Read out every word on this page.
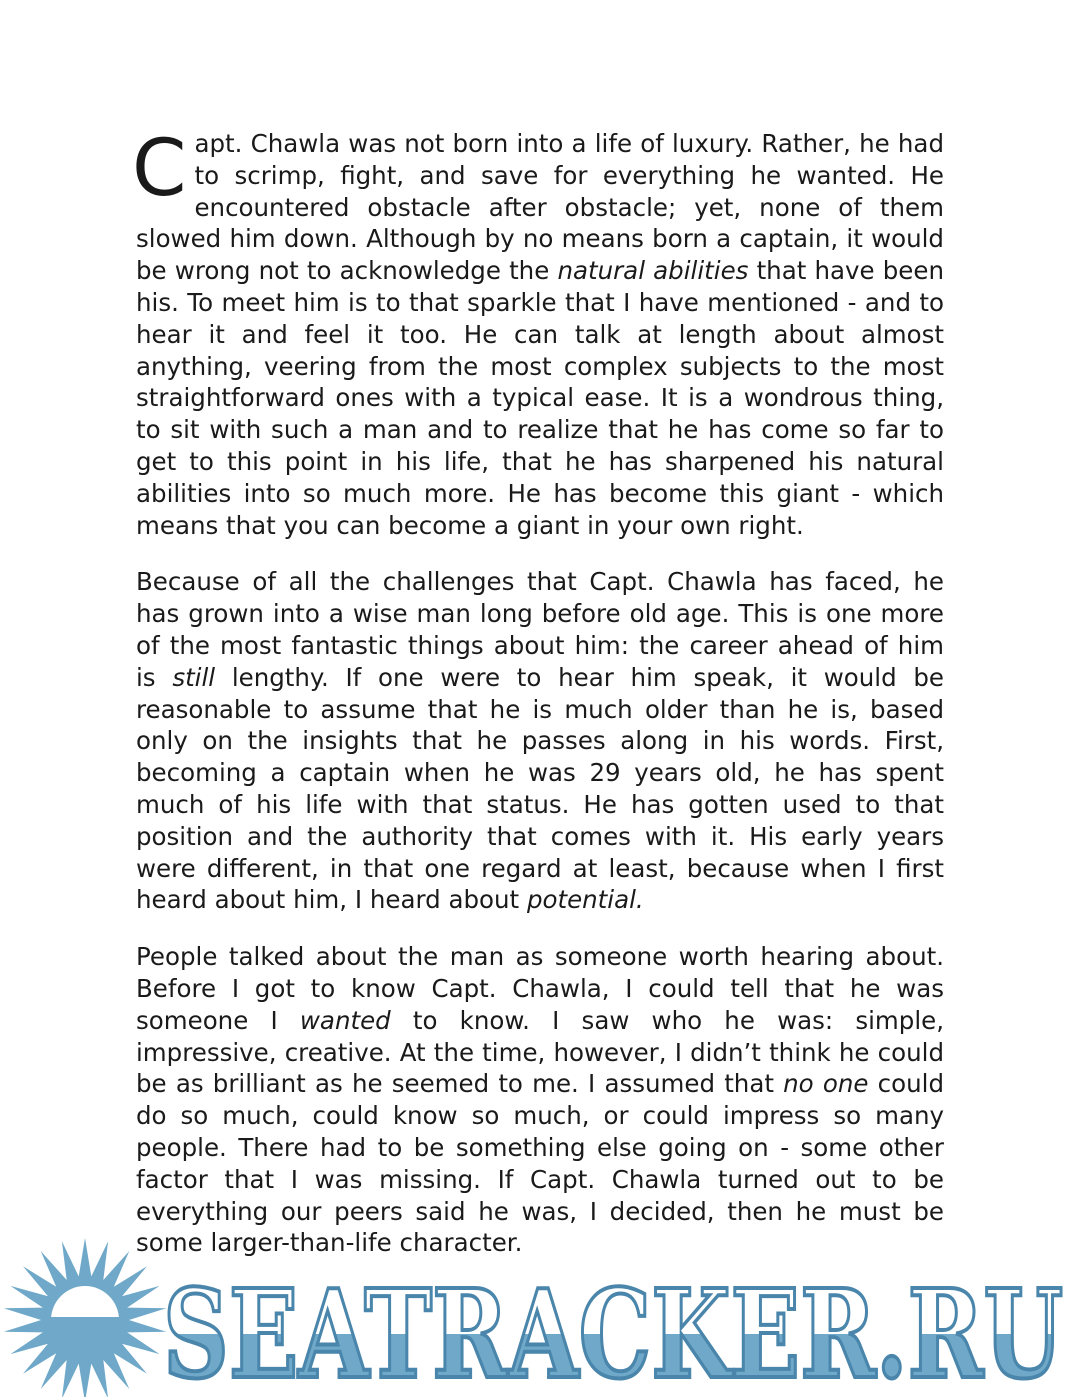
Capt. Chawla was not born into a life of luxury. Rather, he had to scrimp, fight, and save for everything he wanted. He encountered obstacle after obstacle; yet, none of them slowed him down. Although by no means born a captain, it would be wrong not to acknowledge the natural abilities that have been his. To meet him is to that sparkle that I have mentioned - and to hear it and feel it too. He can talk at length about almost anything, veering from the most complex subjects to the most straightforward ones with a typical ease. It is a wondrous thing, to sit with such a man and to realize that he has come so far to get to this point in his life, that he has sharpened his natural abilities into so much more. He has become this giant - which means that you can become a giant in your own right.

Because of all the challenges that Capt. Chawla has faced, he has grown into a wise man long before old age. This is one more of the most fantastic things about him: the career ahead of him is still lengthy. If one were to hear him speak, it would be reasonable to assume that he is much older than he is, based only on the insights that he passes along in his words. First, becoming a captain when he was 29 years old, he has spent much of his life with that status. He has gotten used to that position and the authority that comes with it. His early years were different, in that one regard at least, because when I first heard about him, I heard about potential.

People talked about the man as someone worth hearing about. Before I got to know Capt. Chawla, I could tell that he was someone I wanted to know. I saw who he was: simple, impressive, creative. At the time, however, I didn’t think he could be as brilliant as he seemed to me. I assumed that no one could do so much, could know so much, or could impress so many people. There had to be something else going on - some other factor that I was missing. If Capt. Chawla turned out to be everything our peers said he was, I decided, then he must be some larger-than-life character.

SEATRACKER.RU
